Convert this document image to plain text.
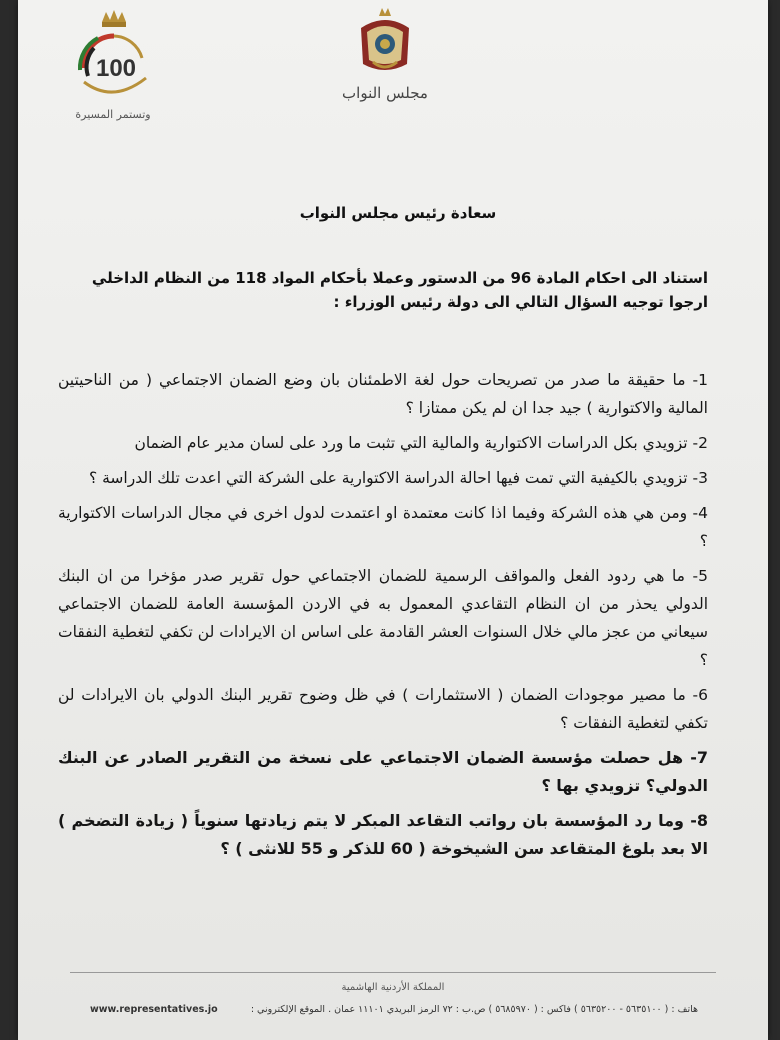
100
وتستمر المسيرة
مجلس النواب
سعادة رئيس مجلس النواب
استناد الى احكام المادة 96 من الدستور وعملا بأحكام المواد 118 من النظام الداخلي ارجوا توجيه السؤال التالي الى دولة رئيس الوزراء :

1- ما حقيقة ما صدر من تصريحات حول لغة الاطمئنان بان وضع الضمان الاجتماعي ( من الناحيتين المالية والاكتوارية ) جيد جدا ان لم يكن ممتازا ؟

2- تزويدي بكل الدراسات الاكتوارية والمالية التي تثبت ما ورد على لسان مدير عام الضمان

3- تزويدي بالكيفية التي تمت فيها احالة الدراسة الاكتوارية على الشركة التي اعدت تلك الدراسة ؟

4- ومن هي هذه الشركة وفيما اذا كانت معتمدة او اعتمدت لدول اخرى في مجال الدراسات الاكتوارية ؟

5- ما هي ردود الفعل والمواقف الرسمية للضمان الاجتماعي حول تقرير صدر مؤخرا من ان البنك الدولي يحذر من ان النظام التقاعدي المعمول به في الاردن المؤسسة العامة للضمان الاجتماعي سيعاني من عجز مالي خلال السنوات العشر القادمة على اساس ان الايرادات لن تكفي لتغطية النفقات ؟

6- ما مصير موجودات الضمان ( الاستثمارات ) في ظل وضوح تقرير البنك الدولي بان الايرادات لن تكفي لتغطية النفقات ؟

7- هل حصلت مؤسسة الضمان الاجتماعي على نسخة من التقرير الصادر عن البنك الدولي؟ تزويدي بها ؟

8- وما رد المؤسسة بان رواتب التقاعد المبكر لا يتم زيادتها سنوياً ( زيادة التضخم ) الا بعد بلوغ المتقاعد سن الشيخوخة ( 60 للذكر و 55 للانثى ) ؟

المملكة الأردنية الهاشمية
هاتف : ( ٥٦٣٥١٠٠ - ٥٦٣٥٢٠٠ ) فاكس : ( ٥٦٨٥٩٧٠ ) ص.ب : ٧٢ الرمز البريدي ١١١٠١ عمان . الموقع الإلكتروني :
www.representatives.jo
